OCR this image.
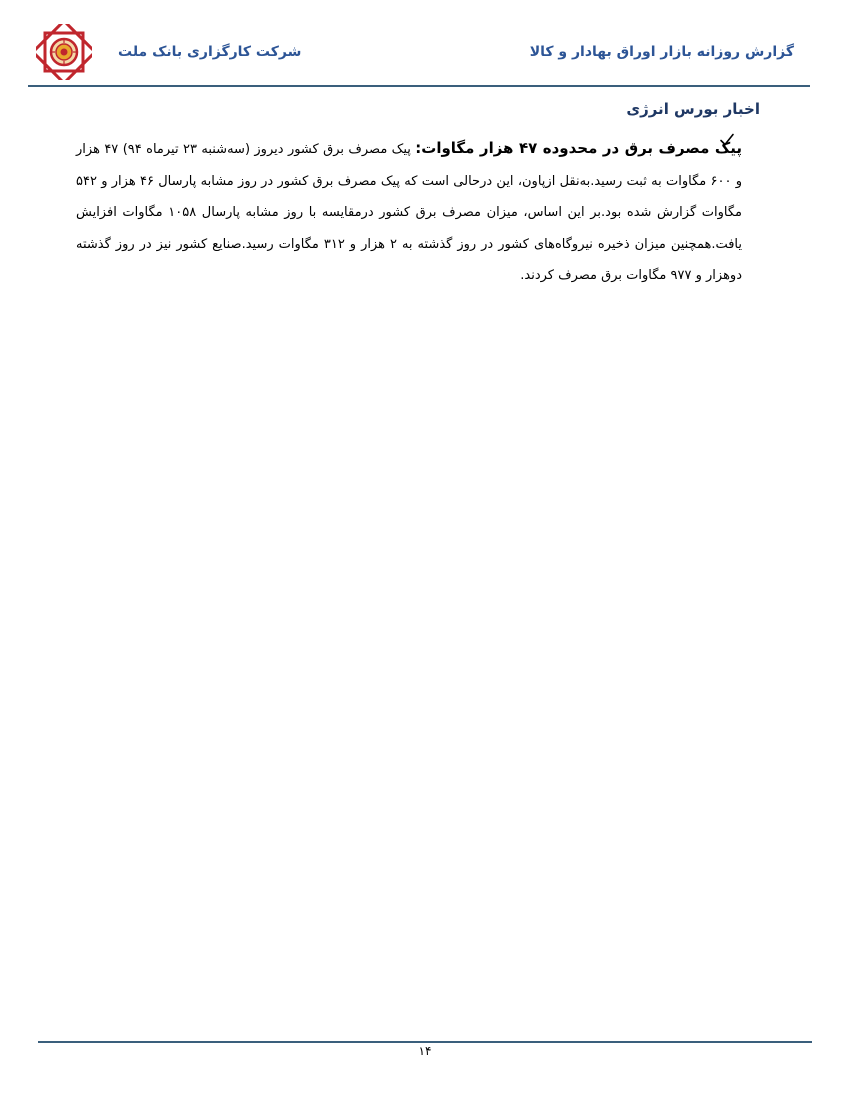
شرکت کارگزاری بانک ملت	گزارش روزانه بازار اوراق بهادار و کالا
اخبار بورس انرژی
پیک مصرف برق در محدوده ۴۷ هزار مگاوات: پیک مصرف برق کشور دیروز (سه‌شنبه ۲۳ تیرماه ۹۴) ۴۷ هزار و ۶۰۰ مگاوات به ثبت رسید.به‌نقل ازپاون، این درحالی است که پیک مصرف برق کشور در روز مشابه پارسال ۴۶ هزار و ۵۴۲ مگاوات گزارش شده بود.بر این اساس، میزان مصرف برق کشور درمقایسه با روز مشابه پارسال ۱۰۵۸ مگاوات افزایش یافت.همچنین میزان ذخیره نیروگاه‌های کشور در روز گذشته به ۲ هزار و ۳۱۲ مگاوات رسید.صنایع کشور نیز در روز گذشته دوهزار و ۹۷۷ مگاوات برق مصرف کردند.
۱۴
